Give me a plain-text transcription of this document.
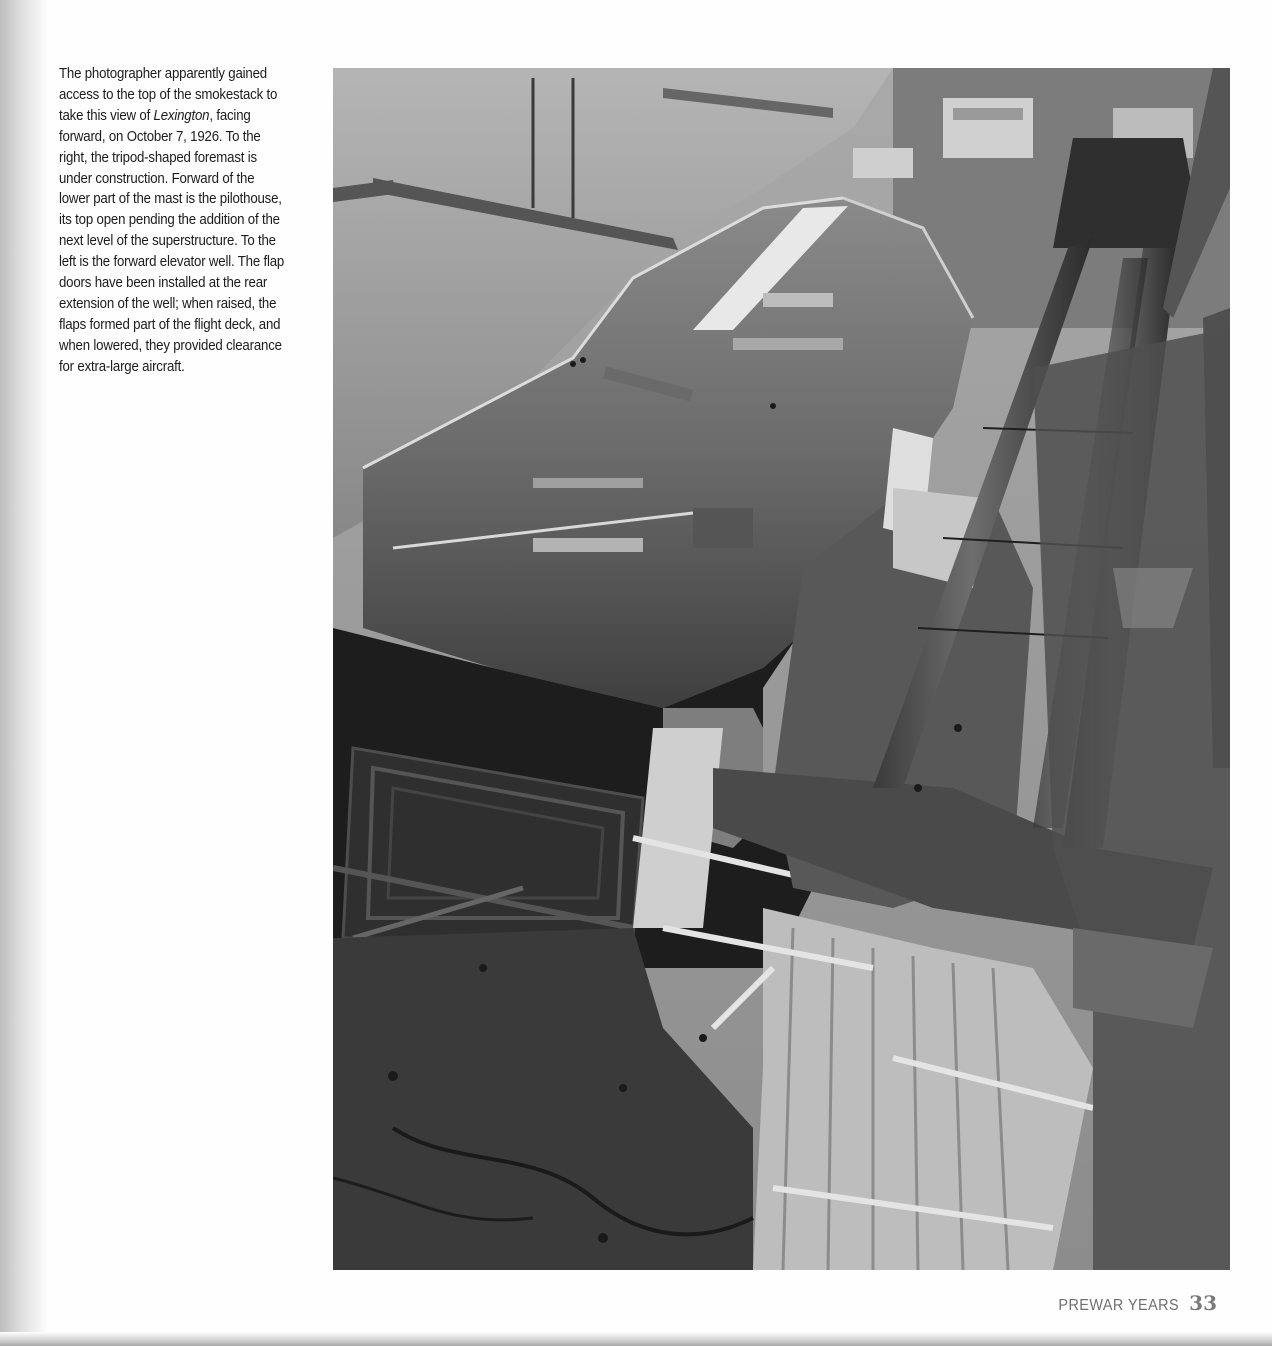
The photographer apparently gained access to the top of the smokestack to take this view of Lexington, facing forward, on October 7, 1926. To the right, the tripod-shaped foremast is under construction. Forward of the lower part of the mast is the pilothouse, its top open pending the addition of the next level of the superstructure. To the left is the forward elevator well. The flap doors have been installed at the rear extension of the well; when raised, the flaps formed part of the flight deck, and when lowered, they provided clearance for extra-large aircraft.

PREWAR YEARS 33
